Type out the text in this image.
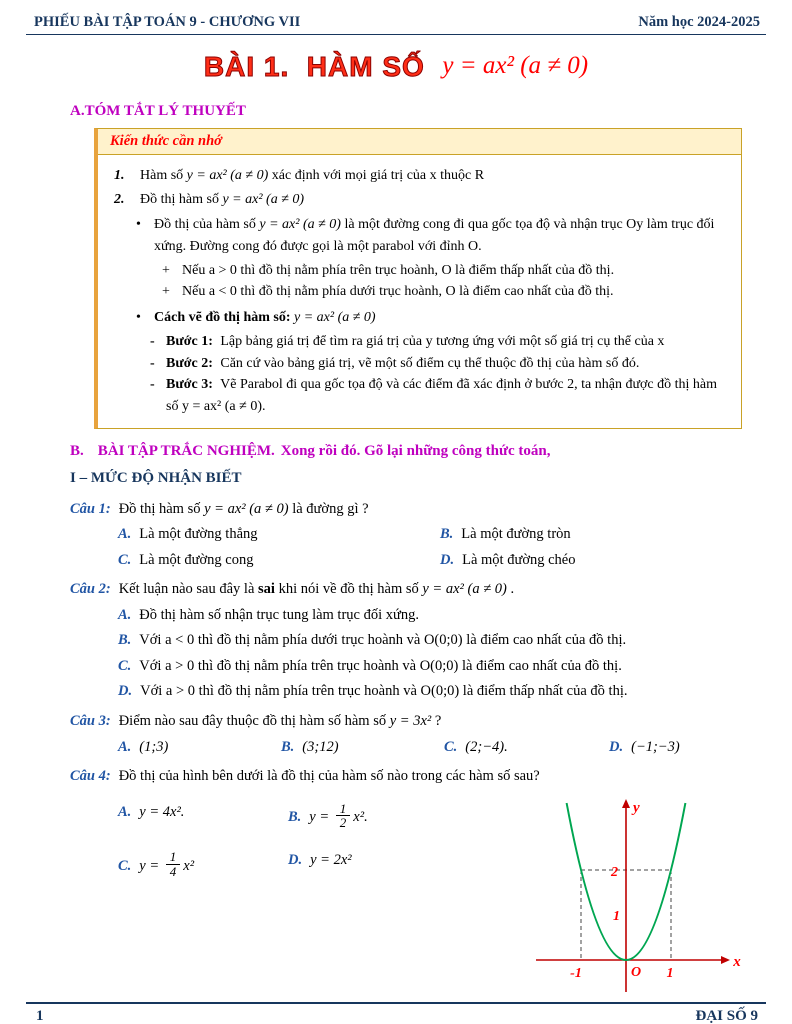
PHIẾU BÀI TẬP TOÁN 9 - CHƯƠNG VII	Năm học 2024-2025
BÀI 1.  HÀM SỐ y = ax² (a ≠ 0)
A.TÓM TẮT LÝ THUYẾT
Kiến thức cần nhớ
1.	Hàm số y = ax² (a ≠ 0) xác định với mọi giá trị của x thuộc R
2.	Đồ thị hàm số y = ax² (a ≠ 0)
• Đồ thị của hàm số y = ax² (a ≠ 0) là một đường cong đi qua gốc tọa độ và nhận trục Oy làm trục đối xứng. Đường cong đó được gọi là một parabol với đỉnh O.
+ Nếu a > 0 thì đồ thị nằm phía trên trục hoành, O là điểm thấp nhất của đồ thị.
+ Nếu a < 0 thì đồ thị nằm phía dưới trục hoành, O là điểm cao nhất của đồ thị.
• Cách vẽ đồ thị hàm số: y = ax² (a ≠ 0)
- Bước 1: Lập bảng giá trị để tìm ra giá trị của y tương ứng với một số giá trị cụ thể của x
- Bước 2: Căn cứ vào bảng giá trị, vẽ một số điểm cụ thể thuộc đồ thị của hàm số đó.
- Bước 3: Vẽ Parabol đi qua gốc tọa độ và các điểm đã xác định ở bước 2, ta nhận được đồ thị hàm số y = ax² (a ≠ 0).
B. BÀI TẬP TRẮC NGHIỆM. Xong rồi đó. Gõ lại những công thức toán,
I – MỨC ĐỘ NHẬN BIẾT
Câu 1: Đồ thị hàm số y = ax² (a ≠ 0) là đường gì ?
A. Là một đường thẳng	B. Là một đường tròn
C. Là một đường cong	D. Là một đường chéo
Câu 2: Kết luận nào sau đây là sai khi nói về đồ thị hàm số y = ax² (a ≠ 0) .
A. Đồ thị hàm số nhận trục tung làm trục đối xứng.
B. Với a < 0 thì đồ thị nằm phía dưới trục hoành và O(0;0) là điểm cao nhất của đồ thị.
C. Với a > 0 thì đồ thị nằm phía trên trục hoành và O(0;0) là điểm cao nhất của đồ thị.
D. Với a > 0 thì đồ thị nằm phía trên trục hoành và O(0;0) là điểm thấp nhất của đồ thị.
Câu 3: Điểm nào sau đây thuộc đồ thị hàm số hàm số y = 3x² ?
A. (1;3)	B. (3;12)	C. (2;−4).	D. (−1;−3)
Câu 4: Đồ thị của hình bên dưới là đồ thị của hàm số nào trong các hàm số sau?
A. y = 4x².	B. $y = \frac{1}{2} x^2$.
C. $y = \frac{1}{4} x^2$	D. y = 2x²
y
x
2
1
-1	1
O
1	ĐẠI SỐ 9
